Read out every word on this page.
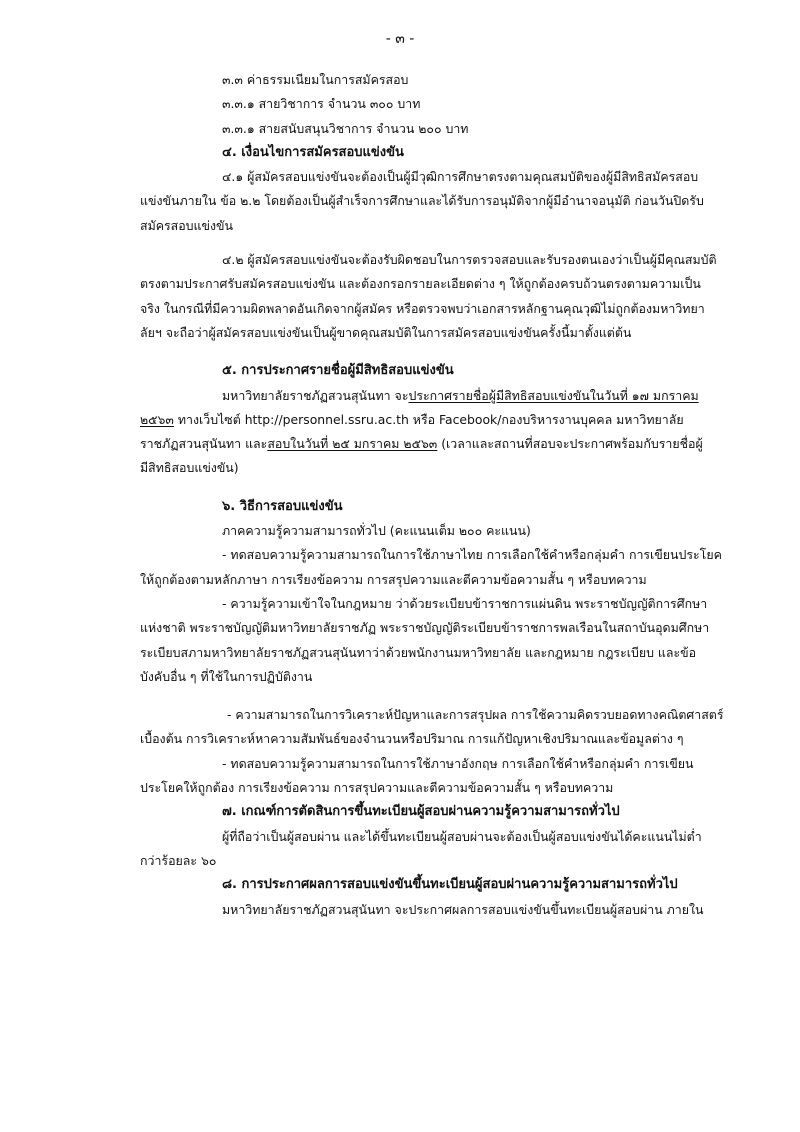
- ๓ -
๓.๓ ค่าธรรมเนียมในการสมัครสอบ
๓.๓.๑ สายวิชาการ จำนวน ๓๐๐ บาท
๓.๓.๑ สายสนับสนุนวิชาการ จำนวน ๒๐๐ บาท
๔. เงื่อนไขการสมัครสอบแข่งขัน
๔.๑ ผู้สมัครสอบแข่งขันจะต้องเป็นผู้มีวุฒิการศึกษาตรงตามคุณสมบัติของผู้มีสิทธิสมัครสอบ
แข่งขันภายใน ข้อ ๒.๒ โดยต้องเป็นผู้สำเร็จการศึกษาและได้รับการอนุมัติจากผู้มีอำนาจอนุมัติ ก่อนวันปิดรับ
สมัครสอบแข่งขัน
๔.๒ ผู้สมัครสอบแข่งขันจะต้องรับผิดชอบในการตรวจสอบและรับรองตนเองว่าเป็นผู้มีคุณสมบัติ
ตรงตามประกาศรับสมัครสอบแข่งขัน และต้องกรอกรายละเอียดต่าง ๆ ให้ถูกต้องครบถ้วนตรงตามความเป็น
จริง ในกรณีที่มีความผิดพลาดอันเกิดจากผู้สมัคร หรือตรวจพบว่าเอกสารหลักฐานคุณวุฒิไม่ถูกต้องมหาวิทยา
ลัยฯ จะถือว่าผู้สมัครสอบแข่งขันเป็นผู้ขาดคุณสมบัติในการสมัครสอบแข่งขันครั้งนี้มาตั้งแต่ต้น
๕. การประกาศรายชื่อผู้มีสิทธิสอบแข่งขัน
มหาวิทยาลัยราชภัฏสวนสุนันทา จะประกาศรายชื่อผู้มีสิทธิสอบแข่งขันในวันที่ ๑๗ มกราคม
๒๕๖๓ ทางเว็บไซต์ http://personnel.ssru.ac.th หรือ Facebook/กองบริหารงานบุคคล มหาวิทยาลัย
ราชภัฏสวนสุนันทา และสอบในวันที่ ๒๕ มกราคม ๒๕๖๓ (เวลาและสถานที่สอบจะประกาศพร้อมกับรายชื่อผู้
มีสิทธิสอบแข่งขัน)
๖. วิธีการสอบแข่งขัน
ภาคความรู้ความสามารถทั่วไป (คะแนนเต็ม ๒๐๐ คะแนน)
- ทดสอบความรู้ความสามารถในการใช้ภาษาไทย การเลือกใช้คำหรือกลุ่มคำ การเขียนประโยค
ให้ถูกต้องตามหลักภาษา การเรียงข้อความ การสรุปความและตีความข้อความสั้น ๆ หรือบทความ
- ความรู้ความเข้าใจในกฎหมาย ว่าด้วยระเบียบข้าราชการแผ่นดิน พระราชบัญญัติการศึกษา
แห่งชาติ พระราชบัญญัติมหาวิทยาลัยราชภัฏ พระราชบัญญัติระเบียบข้าราชการพลเรือนในสถาบันอุดมศึกษา
ระเบียบสภามหาวิทยาลัยราชภัฏสวนสุนันทาว่าด้วยพนักงานมหาวิทยาลัย และกฎหมาย กฎระเบียบ และข้อ
บังคับอื่น ๆ ที่ใช้ในการปฏิบัติงาน
- ความสามารถในการวิเคราะห์ปัญหาและการสรุปผล การใช้ความคิดรวบยอดทางคณิตศาสตร์
เบื้องต้น การวิเคราะห์หาความสัมพันธ์ของจำนวนหรือปริมาณ การแก้ปัญหาเชิงปริมาณและข้อมูลต่าง ๆ
- ทดสอบความรู้ความสามารถในการใช้ภาษาอังกฤษ การเลือกใช้คำหรือกลุ่มคำ การเขียน
ประโยคให้ถูกต้อง การเรียงข้อความ การสรุปความและตีความข้อความสั้น ๆ หรือบทความ
๗. เกณฑ์การตัดสินการขึ้นทะเบียนผู้สอบผ่านความรู้ความสามารถทั่วไป
ผู้ที่ถือว่าเป็นผู้สอบผ่าน และได้ขึ้นทะเบียนผู้สอบผ่านจะต้องเป็นผู้สอบแข่งขันได้คะแนนไม่ต่ำ
กว่าร้อยละ ๖๐
๘. การประกาศผลการสอบแข่งขันขึ้นทะเบียนผู้สอบผ่านความรู้ความสามารถทั่วไป
มหาวิทยาลัยราชภัฏสวนสุนันทา จะประกาศผลการสอบแข่งขันขึ้นทะเบียนผู้สอบผ่าน ภายใน
